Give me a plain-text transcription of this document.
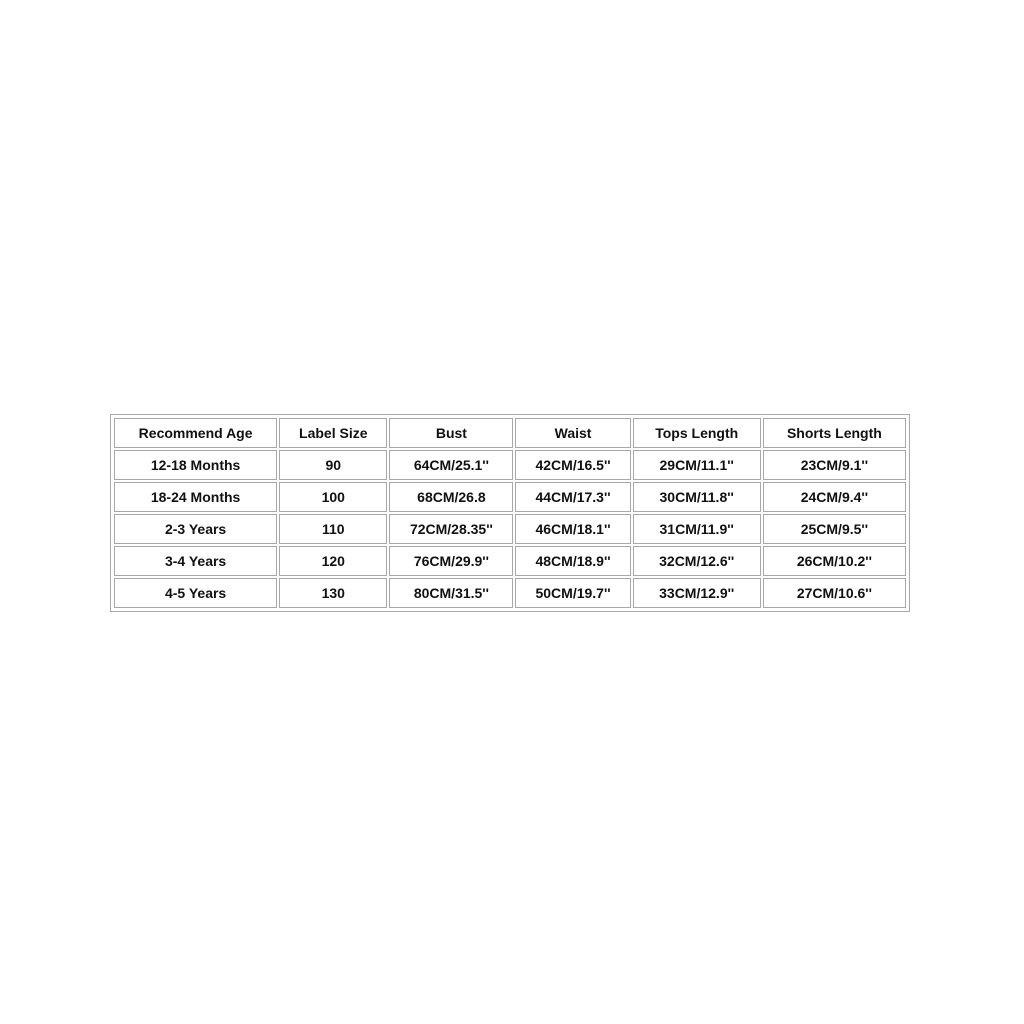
Recommend Age	Label Size	Bust	Waist	Tops Length	Shorts Length
12-18 Months	90	64CM/25.1''	42CM/16.5''	29CM/11.1''	23CM/9.1''
18-24 Months	100	68CM/26.8	44CM/17.3''	30CM/11.8''	24CM/9.4''
2-3 Years	110	72CM/28.35''	46CM/18.1''	31CM/11.9''	25CM/9.5''
3-4 Years	120	76CM/29.9''	48CM/18.9''	32CM/12.6''	26CM/10.2''
4-5 Years	130	80CM/31.5''	50CM/19.7''	33CM/12.9''	27CM/10.6''
